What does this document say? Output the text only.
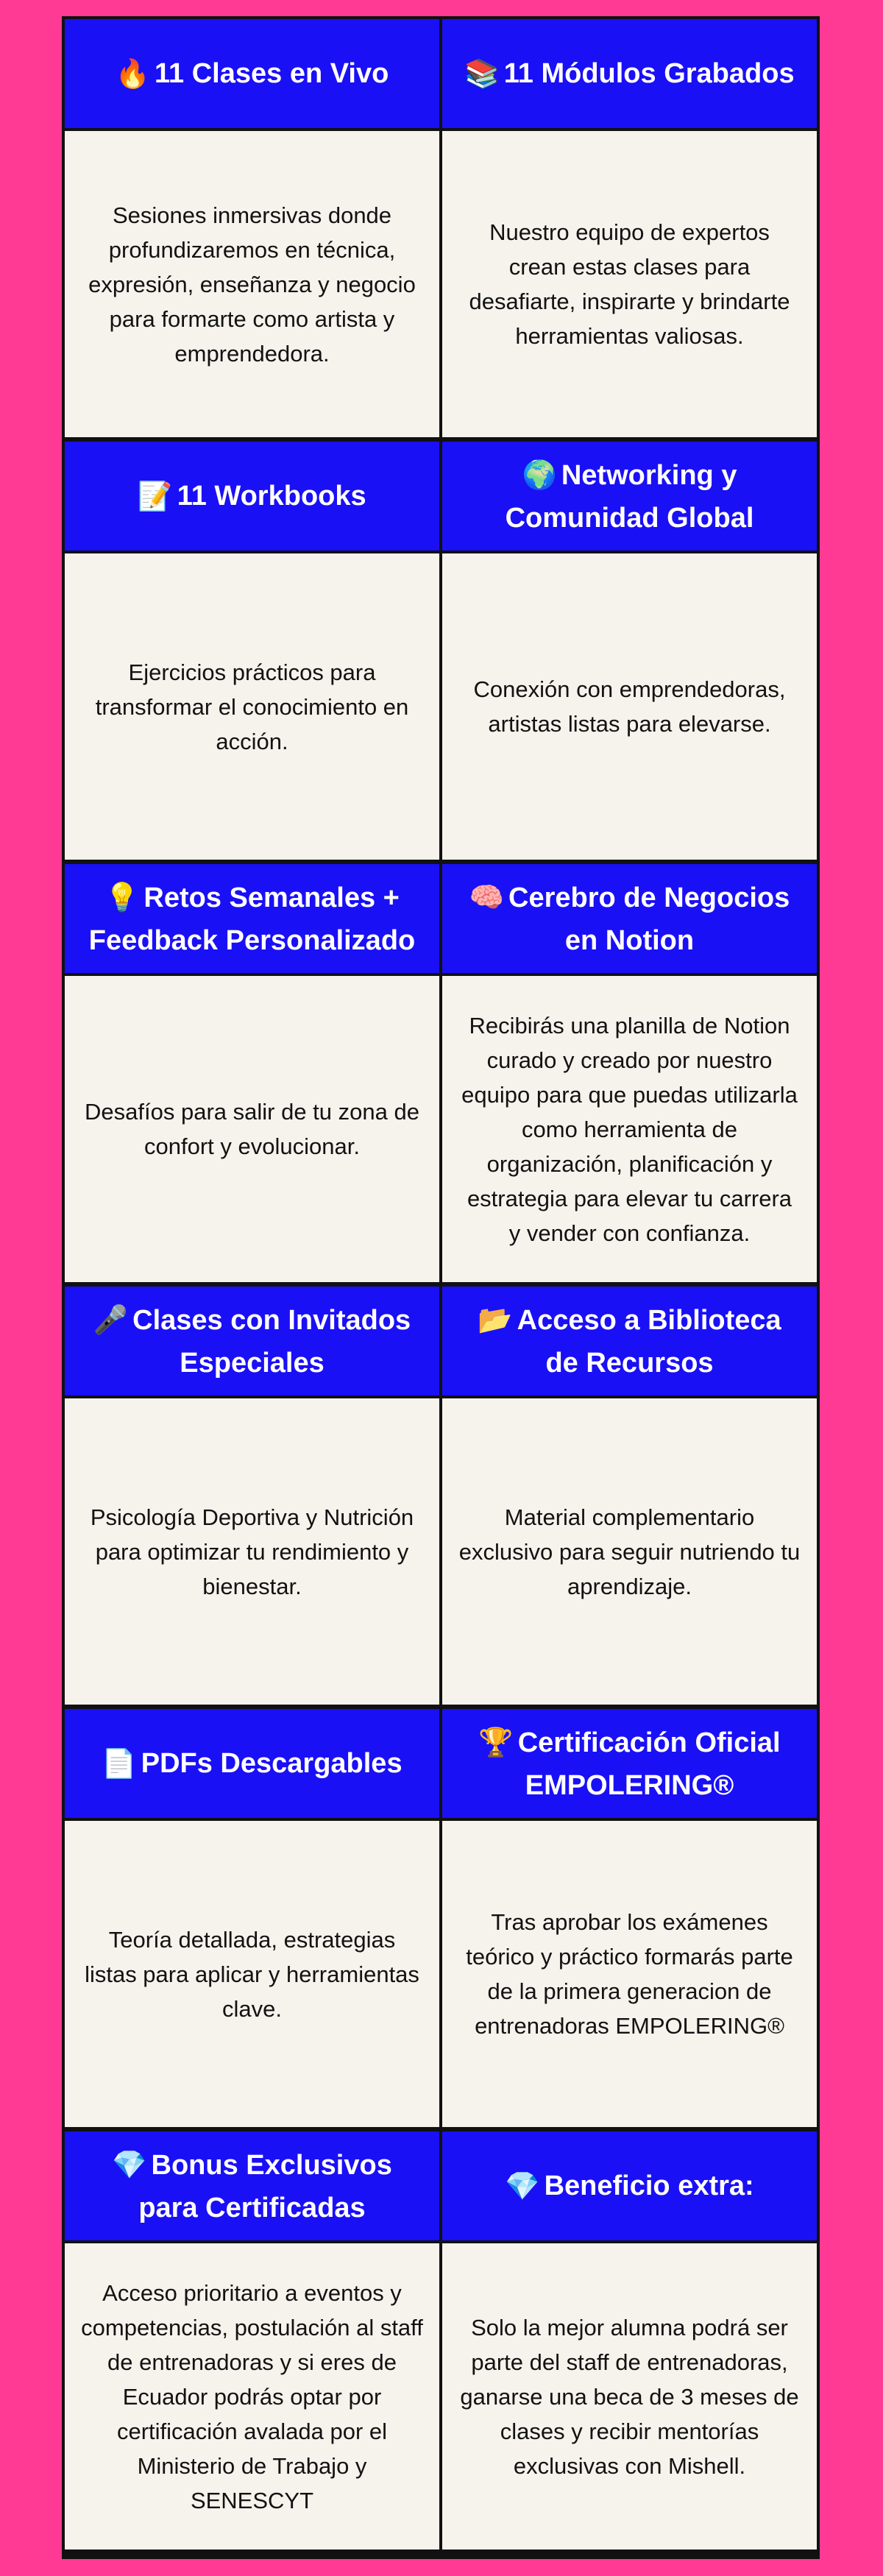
🔥 11 Clases en Vivo	📚 11 Módulos Grabados
Sesiones inmersivas donde profundizaremos en técnica, expresión, enseñanza y negocio para formarte como artista y emprendedora.
Nuestro equipo de expertos crean estas clases para desafiarte, inspirarte y brindarte herramientas valiosas.
📝 11 Workbooks
🌍 Networking y Comunidad Global
Ejercicios prácticos para transformar el conocimiento en acción.
Conexión con emprendedoras, artistas listas para elevarse.
💡 Retos Semanales + Feedback Personalizado
🧠 Cerebro de Negocios en Notion
Desafíos para salir de tu zona de confort y evolucionar.
Recibirás una planilla de Notion curado y creado por nuestro equipo para que puedas utilizarla como herramienta de organización, planificación y estrategia para elevar tu carrera y vender con confianza.
🎤 Clases con Invitados Especiales
📂 Acceso a Biblioteca de Recursos
Psicología Deportiva y Nutrición para optimizar tu rendimiento y bienestar.
Material complementario exclusivo para seguir nutriendo tu aprendizaje.
📄 PDFs Descargables
🏆 Certificación Oficial EMPOLERING®
Teoría detallada, estrategias listas para aplicar y herramientas clave.
Tras aprobar los exámenes teórico y práctico formarás parte de la primera generacion de entrenadoras EMPOLERING®
💎 Bonus Exclusivos para Certificadas
💎 Beneficio extra:
Acceso prioritario a eventos y competencias, postulación al staff de entrenadoras y si eres de Ecuador podrás optar por certificación avalada por el Ministerio de Trabajo y SENESCYT
Solo la mejor alumna podrá ser parte del staff de entrenadoras, ganarse una beca de 3 meses de clases y recibir mentorías exclusivas con Mishell.
